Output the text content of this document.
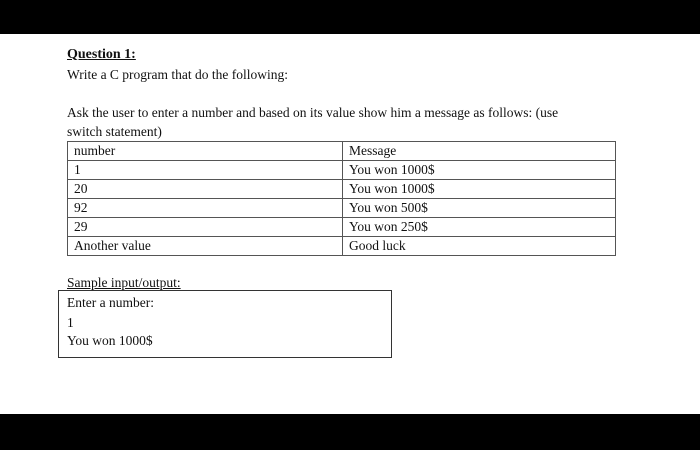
Question 1:
Write a C program that do the following:
Ask the user to enter a number and based on its value show him a message as follows: (use
switch statement)
number	Message
1	You won 1000$
20	You won 1000$
92	You won 500$
29	You won 250$
Another value	Good luck
Sample input/output:
Enter a number:
1
You won 1000$
